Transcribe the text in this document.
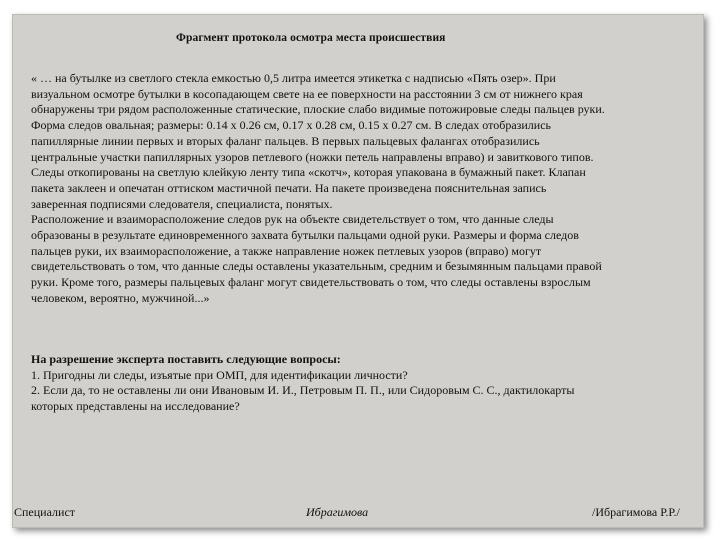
Фрагмент протокола осмотра места происшествия
« … на бутылке из светлого стекла емкостью 0,5 литра имеется этикетка с надписью «Пять озер». При
визуальном осмотре бутылки в косопадающем свете на ее поверхности на расстоянии 3 см от нижнего края
обнаружены три рядом расположенные статические, плоские слабо видимые потожировые следы пальцев руки.
Форма следов овальная; размеры: 0.14 x 0.26 см, 0.17 x 0.28 см, 0.15 x 0.27 см. В следах отобразились
папиллярные линии первых и вторых фаланг пальцев. В первых пальцевых фалангах отобразились
центральные участки папиллярных узоров петлевого (ножки петель направлены вправо) и завиткового типов.
Следы откопированы на светлую клейкую ленту типа «скотч», которая упакована в бумажный пакет. Клапан
пакета заклеен и опечатан оттиском мастичной печати. На пакете произведена пояснительная запись
заверенная подписями следователя, специалиста, понятых.
Расположение и взаиморасположение следов рук на объекте свидетельствует о том, что данные следы
образованы в результате единовременного захвата бутылки пальцами одной руки. Размеры и форма следов
пальцев руки, их взаиморасположение, а также направление ножек петлевых узоров (вправо) могут
свидетельствовать о том, что данные следы оставлены указательным, средним и безымянным пальцами правой
руки. Кроме того, размеры пальцевых фаланг могут свидетельствовать о том, что следы оставлены взрослым
человеком, вероятно, мужчиной...»
На разрешение эксперта поставить следующие вопросы:
1. Пригодны ли следы, изъятые при ОМП, для идентификации личности?
2. Если да, то не оставлены ли они Ивановым И. И., Петровым П. П., или Сидоровым С. С., дактилокарты
которых представлены на исследование?
Специалист	Ибрагимова	/Ибрагимова Р.Р./
